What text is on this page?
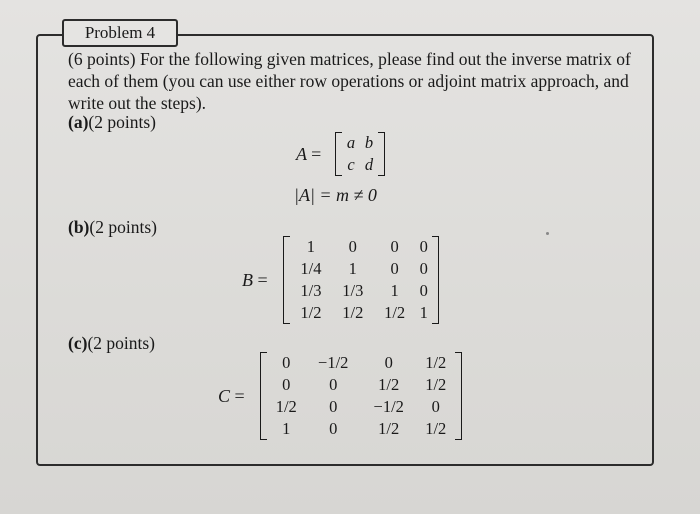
Problem 4
(6 points) For the following given matrices, please find out the inverse matrix of each of them (you can use either row operations or adjoint matrix approach, and write out the steps).
(a)(2 points)
A =
a	b
c	d
|A| = m ≠ 0
(b)(2 points)
B =
1	0	0	0
1/4	1	0	0
1/3	1/3	1	0
1/2	1/2	1/2	1
(c)(2 points)
C =
0	−1/2	0	1/2
0	0	1/2	1/2
1/2	0	−1/2	0
1	0	1/2	1/2
